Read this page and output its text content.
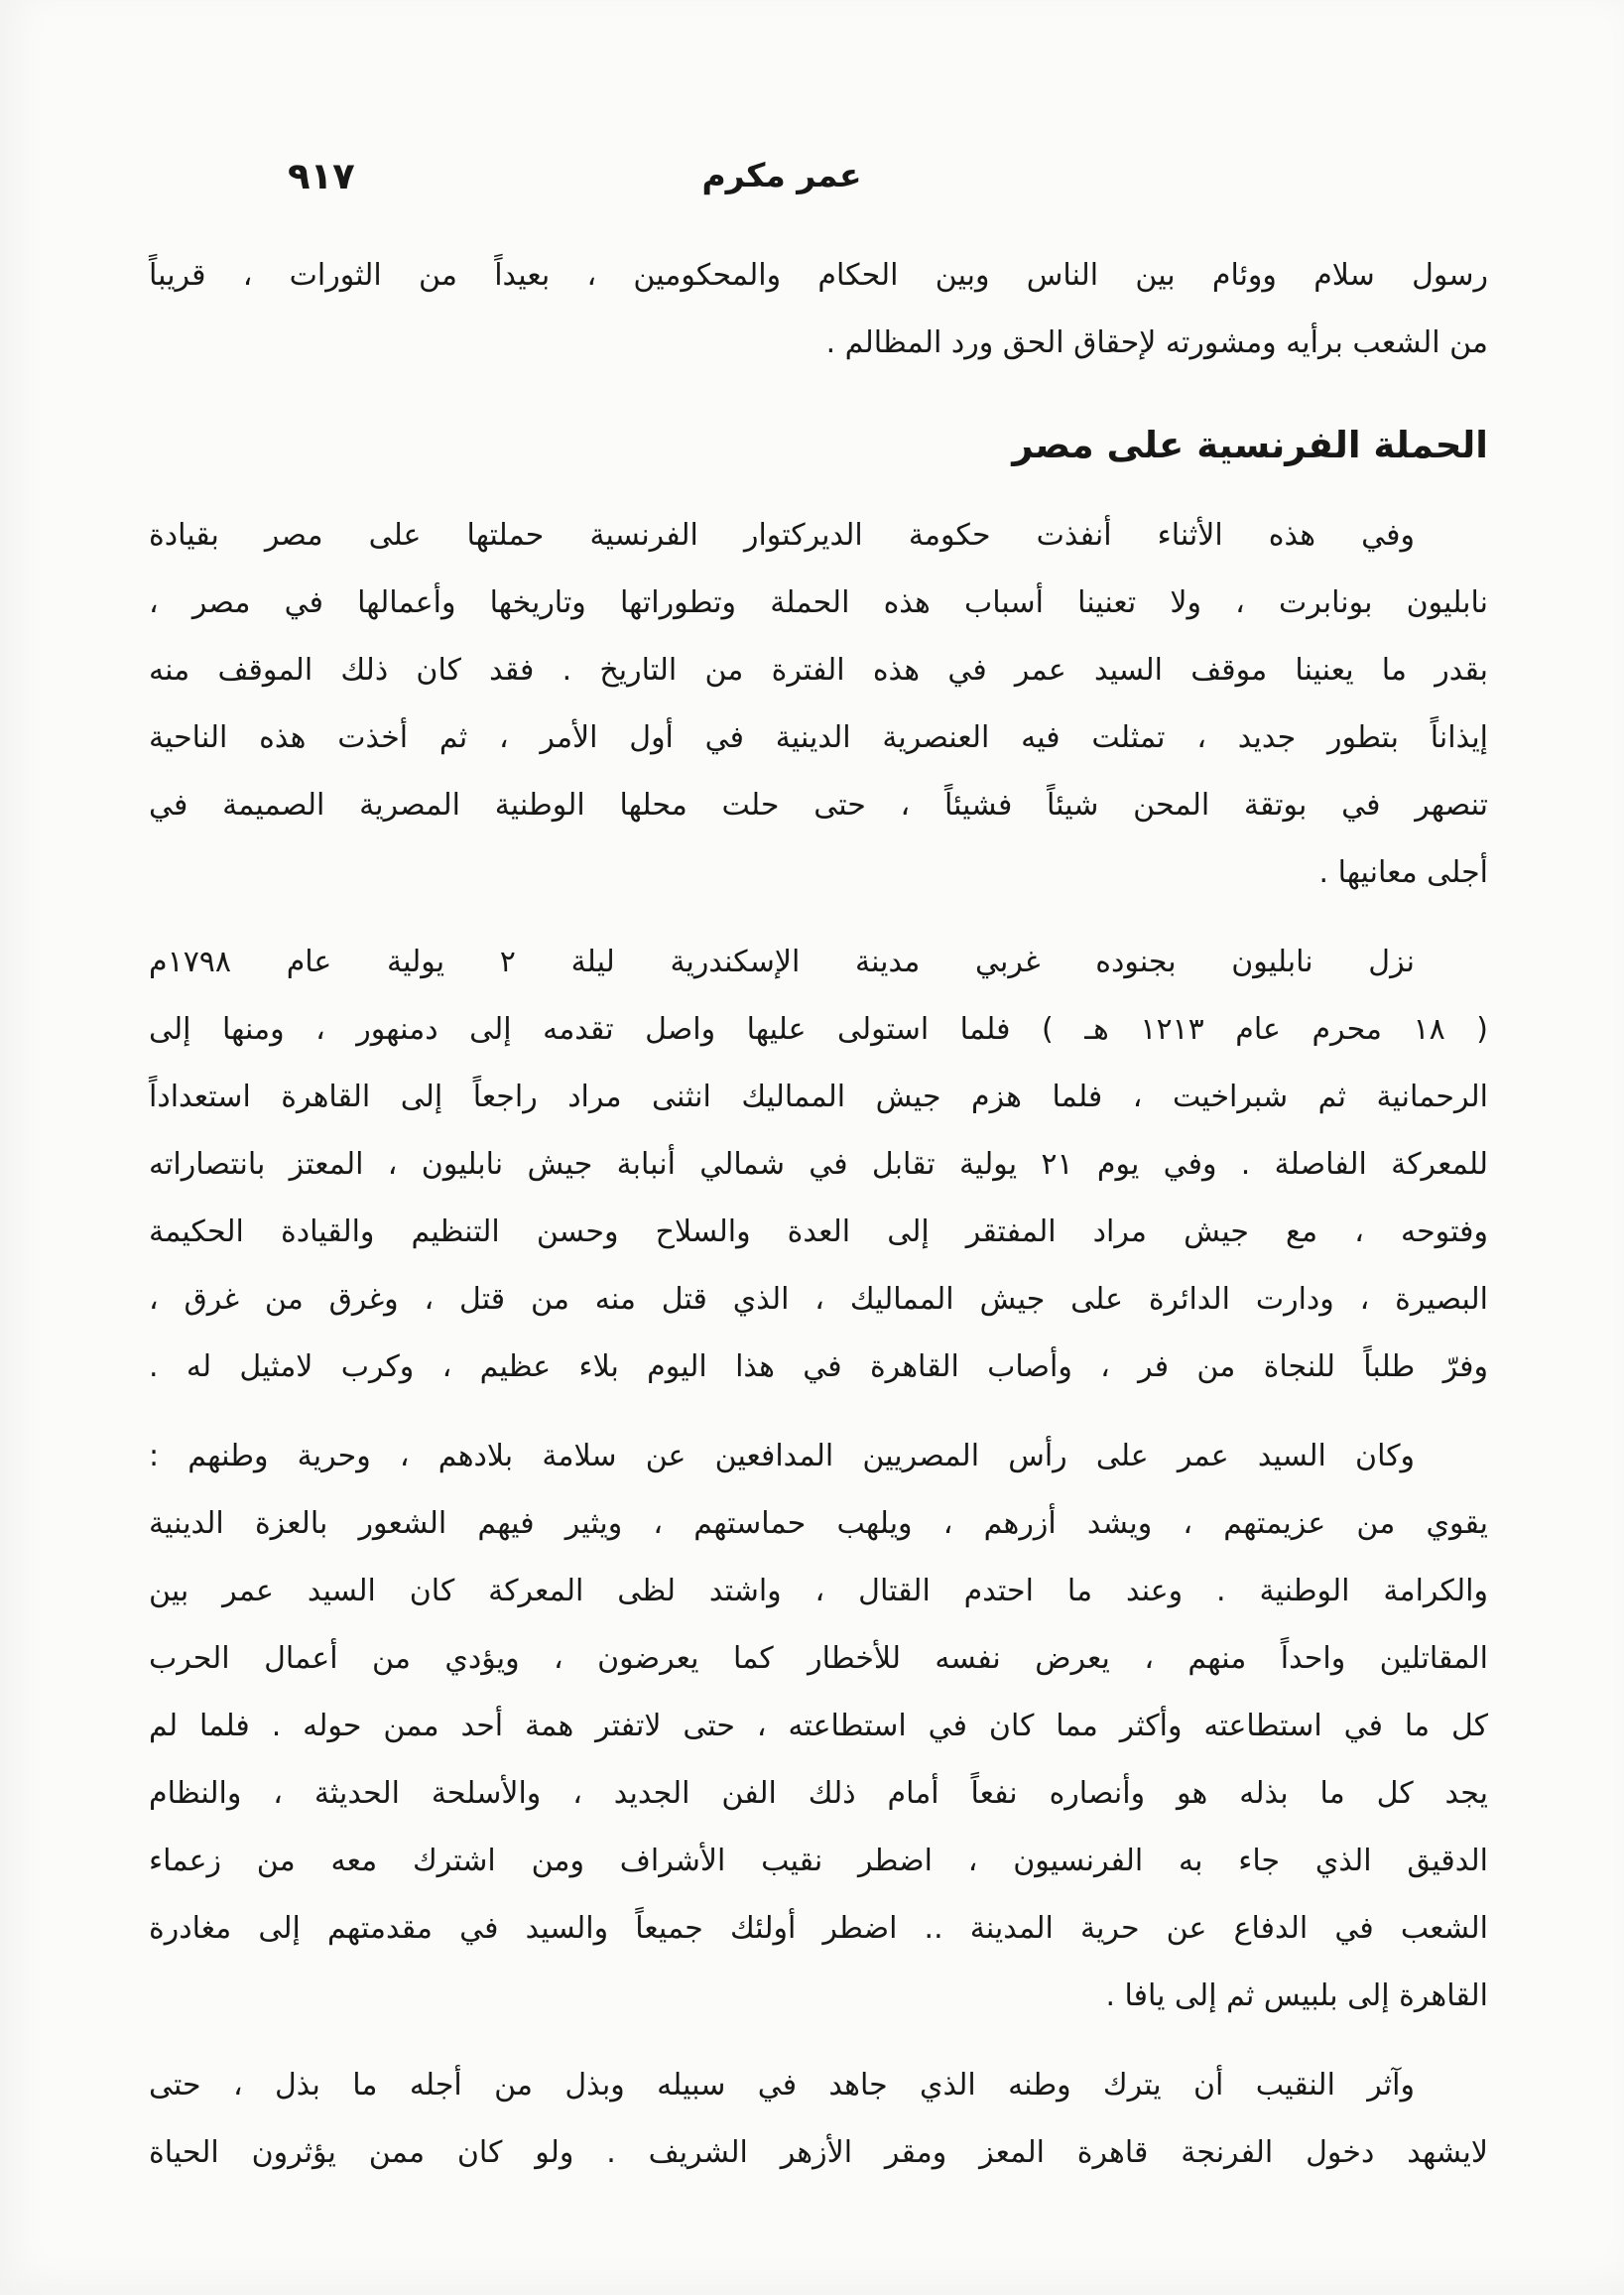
٩١٧	عمر مكرم
رسول سلام ووئام بين الناس وبين الحكام والمحكومين ، بعيداً من الثورات ، قريباً
من الشعب برأيه ومشورته لإحقاق الحق ورد المظالم .
الحملة الفرنسية على مصر
وفي هذه الأثناء أنفذت حكومة الديركتوار الفرنسية حملتها على مصر بقيادة
نابليون بونابرت ، ولا تعنينا أسباب هذه الحملة وتطوراتها وتاريخها وأعمالها في مصر ،
بقدر ما يعنينا موقف السيد عمر في هذه الفترة من التاريخ . فقد كان ذلك الموقف منه
إيذاناً بتطور جديد ، تمثلت فيه العنصرية الدينية في أول الأمر ، ثم أخذت هذه الناحية
تنصهر في بوتقة المحن شيئاً فشيئاً ، حتى حلت محلها الوطنية المصرية الصميمة في
أجلى معانيها .
نزل نابليون بجنوده غربي مدينة الإسكندرية ليلة ٢ يولية عام ١٧٩٨م
( ١٨ محرم عام ١٢١٣ هـ ) فلما استولى عليها واصل تقدمه إلى دمنهور ، ومنها إلى
الرحمانية ثم شبراخيت ، فلما هزم جيش المماليك انثنى مراد راجعاً إلى القاهرة استعداداً
للمعركة الفاصلة . وفي يوم ٢١ يولية تقابل في شمالي أنبابة جيش نابليون ، المعتز بانتصاراته
وفتوحه ، مع جيش مراد المفتقر إلى العدة والسلاح وحسن التنظيم والقيادة الحكيمة
البصيرة ، ودارت الدائرة على جيش المماليك ، الذي قتل منه من قتل ، وغرق من غرق ،
وفرّ طلباً للنجاة من فر ، وأصاب القاهرة في هذا اليوم بلاء عظيم ، وكرب لامثيل له .
وكان السيد عمر على رأس المصريين المدافعين عن سلامة بلادهم ، وحرية وطنهم :
يقوي من عزيمتهم ، ويشد أزرهم ، ويلهب حماستهم ، ويثير فيهم الشعور بالعزة الدينية
والكرامة الوطنية . وعند ما احتدم القتال ، واشتد لظى المعركة كان السيد عمر بين
المقاتلين واحداً منهم ، يعرض نفسه للأخطار كما يعرضون ، ويؤدي من أعمال الحرب
كل ما في استطاعته وأكثر مما كان في استطاعته ، حتى لاتفتر همة أحد ممن حوله . فلما لم
يجد كل ما بذله هو وأنصاره نفعاً أمام ذلك الفن الجديد ، والأسلحة الحديثة ، والنظام
الدقيق الذي جاء به الفرنسيون ، اضطر نقيب الأشراف ومن اشترك معه من زعماء
الشعب في الدفاع عن حرية المدينة .. اضطر أولئك جميعاً والسيد في مقدمتهم إلى مغادرة
القاهرة إلى بلبيس ثم إلى يافا .
وآثر النقيب أن يترك وطنه الذي جاهد في سبيله وبذل من أجله ما بذل ، حتى
لايشهد دخول الفرنجة قاهرة المعز ومقر الأزهر الشريف . ولو كان ممن يؤثرون الحياة
